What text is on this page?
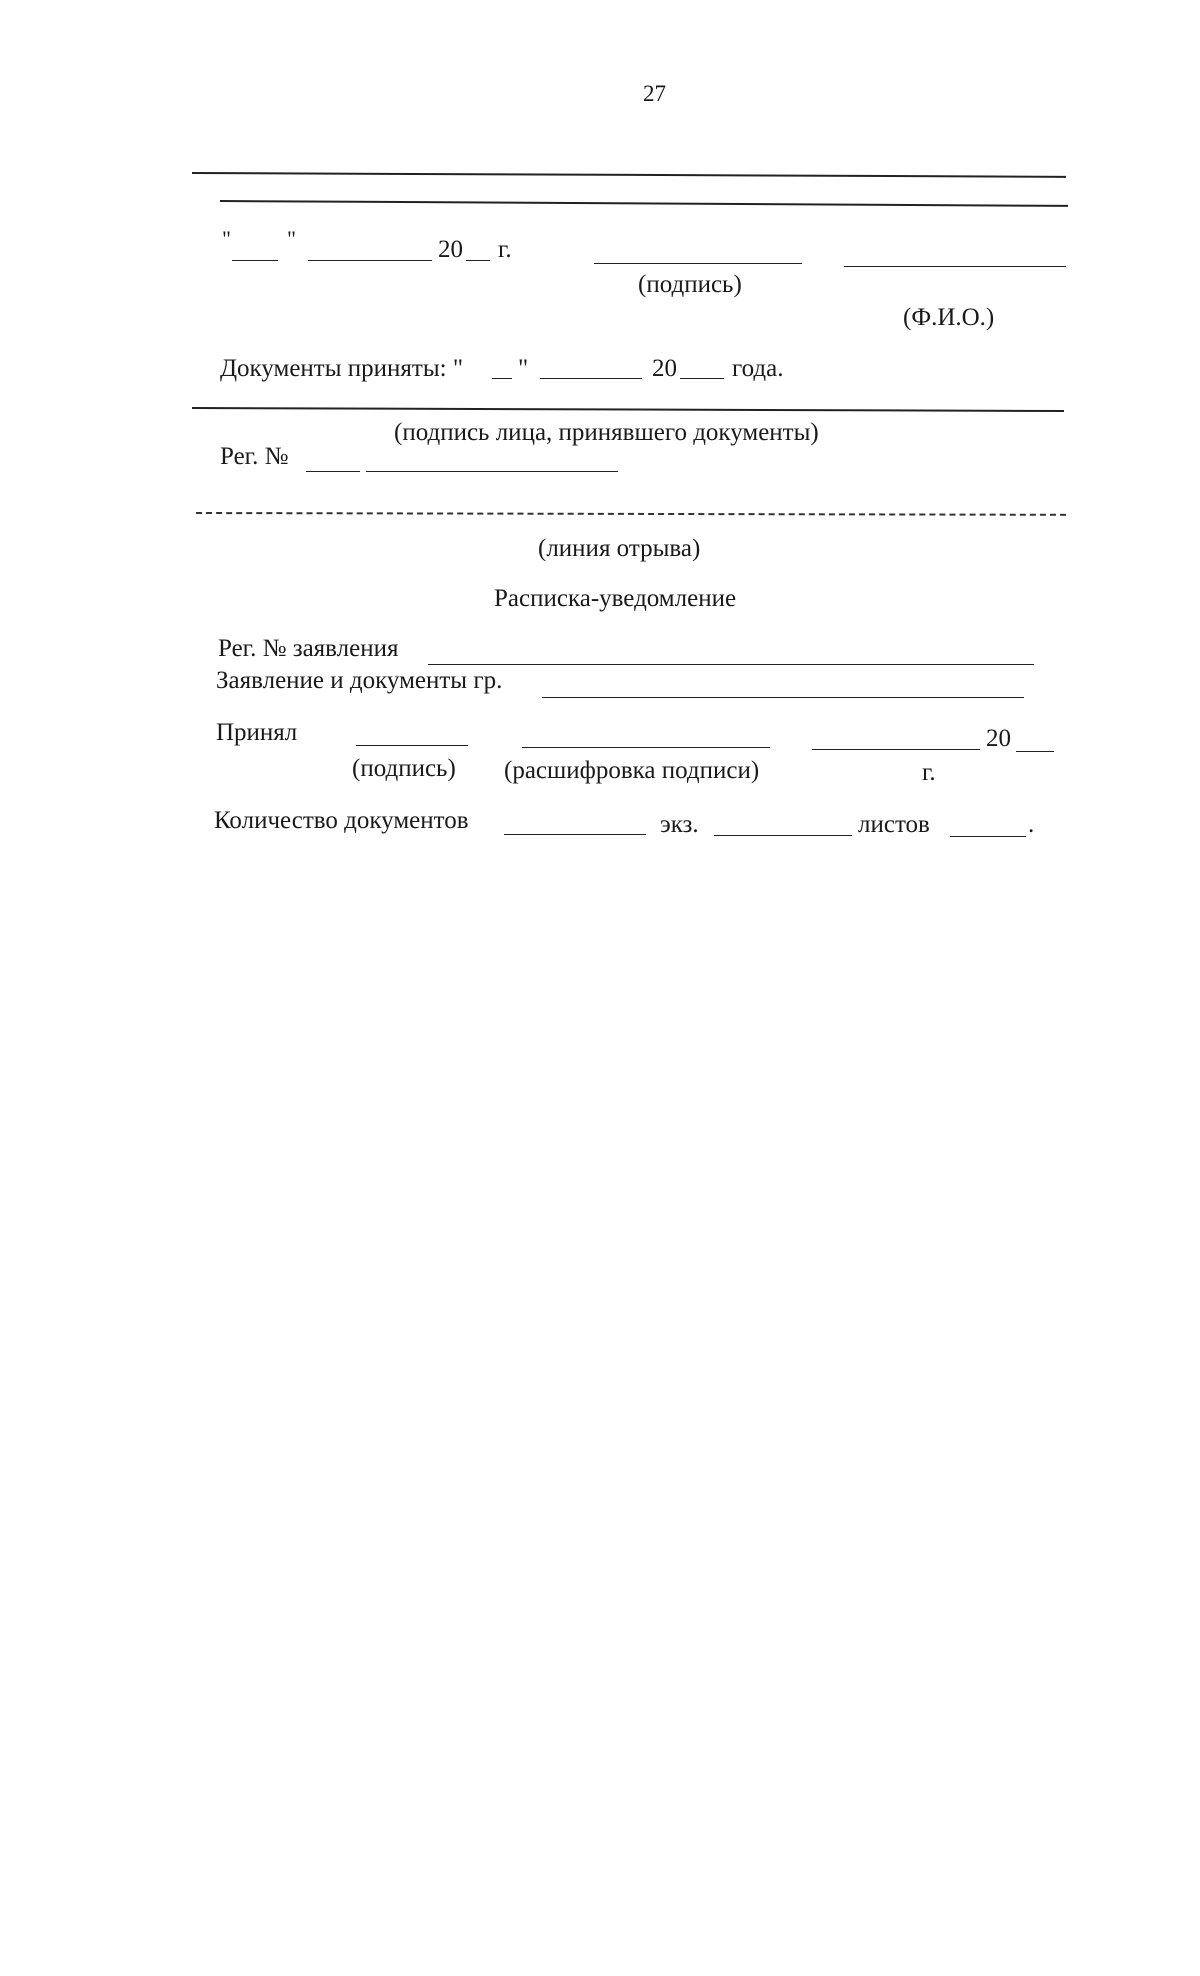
27
"	"	20 г.
(подпись)
(Ф.И.О.)
Документы приняты: " "	20 года.
(подпись лица, принявшего документы)
Рег. №
(линия отрыва)
Расписка-уведомление
Рег. № заявления
Заявление и документы гр.
Принял	20
(подпись) (расшифровка подписи)	г.
Количество документов	экз.	листов	.
